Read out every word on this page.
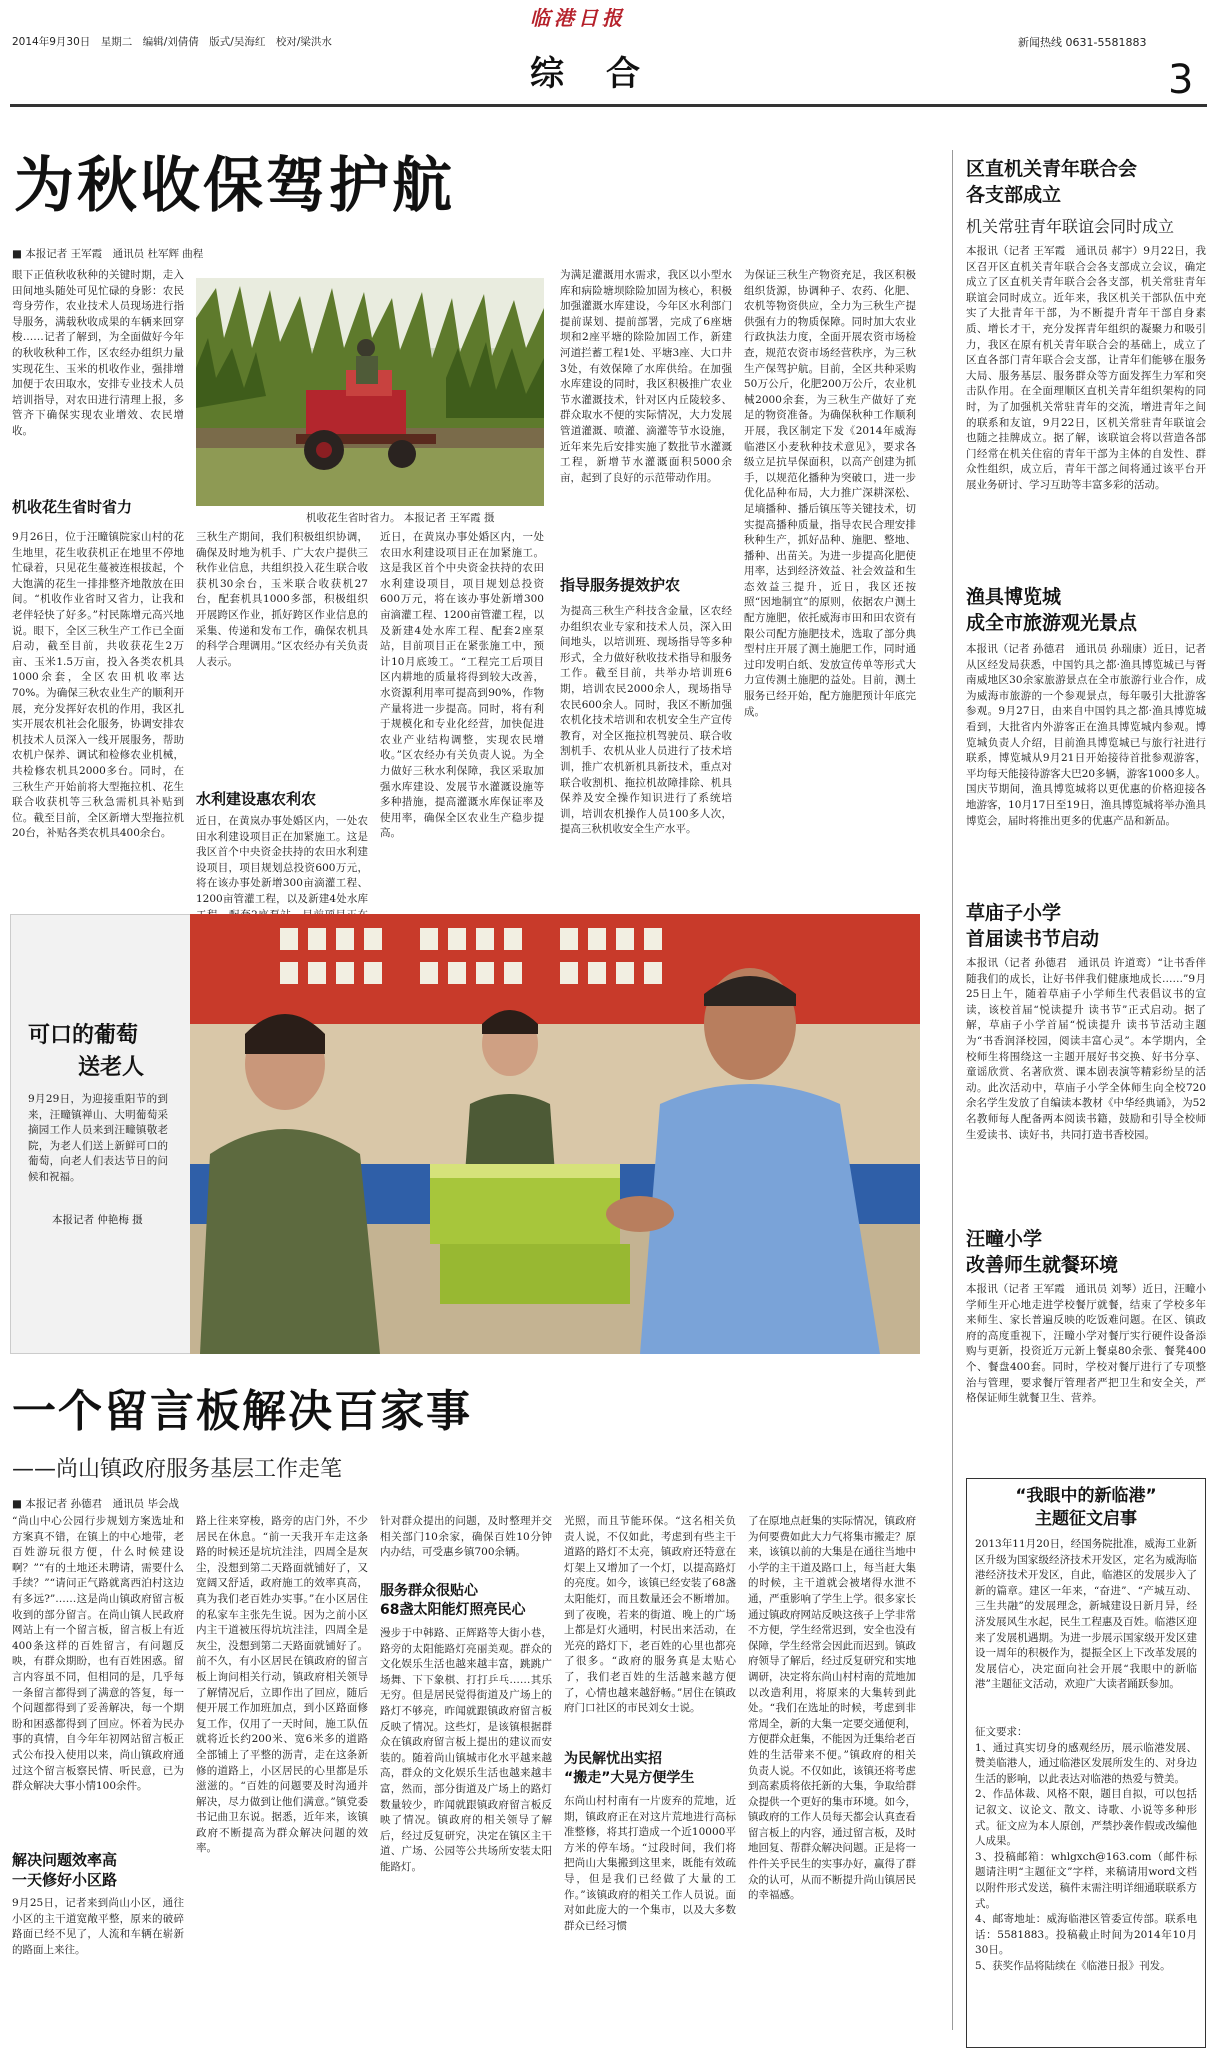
2014年9月30日　星期二　编辑/刘倩倩　版式/吴海红　校对/梁洪水
临港日报
综　合
新闻热线 0631-5581883
3
为秋收保驾护航
■ 本报记者 王军霞　通讯员 杜军辉 曲程
眼下正值秋收秋种的关键时期，走入田间地头随处可见忙碌的身影：农民弯身劳作，农业技术人员现场进行指导服务，满载秋收成果的车辆来回穿梭……记者了解到，为全面做好今年的秋收秋种工作，区农经办组织力量实现花生、玉米的机收作业，强排增加便于农田取水，安排专业技术人员培训指导，对农田进行清理上报，多管齐下确保实现农业增效、农民增收。
机收花生省时省力
9月26日，位于汪疃镇院家山村的花生地里，花生收获机正在地里不停地忙碌着，只见花生蔓被连根拔起，个大饱满的花生一排排整齐地散放在田间。“机收作业省时又省力，让我和老伴轻快了好多。”村民陈增元高兴地说。眼下，全区三秋生产工作已全面启动，截至目前，共收获花生2万亩、玉米1.5万亩，投入各类农机具1000余套，全区农田机收率达70%。为确保三秋农业生产的顺利开展，充分发挥好农机的作用，我区扎实开展农机社会化服务，协调安排农机技术人员深入一线开展服务，帮助农机户保养、调试和检修农业机械，共检修农机具2000多台。同时，在三秋生产开始前将大型拖拉机、花生联合收获机等三秋急需机具补贴到位。截至目前，全区新增大型拖拉机20台，补贴各类农机具400余台。
机收花生省时省力。 本报记者 王军霞 摄
三秋生产期间，我们积极组织协调，确保及时地为机手、广大农户提供三秋作业信息，共组织投入花生联合收获机30余台，玉米联合收获机27台，配套机具1000多部，积极组织开展跨区作业，抓好跨区作业信息的采集、传递和发布工作，确保农机具的科学合理调用。”区农经办有关负责人表示。
水利建设惠农利农
近日，在黄岚办事处婚区内，一处农田水利建设项目正在加紧施工。这是我区首个中央资金扶持的农田水利建设项目，项目规划总投资600万元，将在该办事处新增300亩滴灌工程、1200亩管灌工程，以及新建4处水库
近日，在黄岚办事处婚区内，一处农田水利建设项目正在加紧施工。这是我区首个中央资金扶持的农田水利建设项目，项目规划总投资600万元，将在该办事处新增300亩滴灌工程、1200亩管灌工程，以及新建4处水库工程、配套2座泵站，目前项目正在紧张施工中，预计10月底竣工。“工程完工后项目区内耕地的质量将得到较大改善，水资源利用率可提高到90%，作物产量将进一步提高。同时，将有利于规模化和专业化经营，加快促进农业产业结构调整，实现农民增收。”区农经办有关负责人说。为全力做好三秋水利保障，我区采取加强水库建设、发展节水灌溉设施等多种措施，提高灌溉水库保证率及使用率，确保全区农业生产稳步提高。
为满足灌溉用水需求，我区以小型水库和病险塘坝除险加固为核心，积极加强灌溉水库建设，今年区水利部门提前谋划、提前部署，完成了6座塘坝和2座平塘的除险加固工作，新建河道拦蓄工程1处、平塘3座、大口井3处，有效保障了水库供给。在加强水库建设的同时，我区积极推广农业节水灌溉技术，针对区内丘陵较多、群众取水不便的实际情况，大力发展管道灌溉、喷灌、滴灌等节水设施，近年来先后安排实施了数批节水灌溉工程，新增节水灌溉面积5000余亩，起到了良好的示范带动作用。
指导服务提效护农
为提高三秋生产科技含金量，区农经办组织农业专家和技术人员，深入田间地头，以培训班、现场指导等多种形式，全力做好秋收技术指导和服务工作。截至目前，共举办培训班6期，培训农民2000余人，现场指导农民600余人。同时，我区不断加强农机化技术培训和农机安全生产宣传教育，对全区拖拉机驾驶员、联合收割机手、农机从业人员进行了技术培训，推广农机新机具新技术，重点对联合收割机、拖拉机故障排除、机具保养及安全操作知识进行了系统培训，培训农机操作人员100多人次，提高三秋机收安全生产水平。
为保证三秋生产物资充足，我区积极组织货源，协调种子、农药、化肥、农机等物资供应，全力为三秋生产提供强有力的物质保障。同时加大农业行政执法力度，全面开展农资市场检查，规范农资市场经营秩序，为三秋生产保驾护航。目前，全区共种采购50万公斤，化肥200万公斤，农业机械2000余套，为三秋生产做好了充足的物资准备。为确保秋种工作顺利开展，我区制定下发《2014年威海临港区小麦秋种技术意见》，要求各级立足抗旱保面积，以高产创建为抓手，以规范化播种为突破口，进一步优化品种布局，大力推广深耕深松、足墒播种、播后镇压等关键技术，切实提高播种质量，指导农民合理安排秋种生产，抓好品种、施肥、整地、播种、出苗关。为进一步提高化肥使用率，达到经济效益、社会效益和生态效益三提升，近日，我区还按照“因地制宜”的原则，依据农户测土配方施肥，依托威海市田和田农资有限公司配方施肥技术，选取了部分典型村庄开展了测土施肥工作，同时通过印发明白纸、发放宣传单等形式大力宣传测土施肥的益处。目前，测土服务已经开始，配方施肥预计年底完成。
可口的葡萄
送老人
9月29日，为迎接重阳节的到来，汪疃镇禅山、大明葡萄采摘园工作人员来到汪疃镇敬老院，为老人们送上新鲜可口的葡萄，向老人们表达节日的问候和祝福。
本报记者 仲艳梅 摄
一个留言板解决百家事
——尚山镇政府服务基层工作走笔
■ 本报记者 孙德君　通讯员 毕会战
“尚山中心公园行步规划方案选址和方案真不错，在镇上的中心地带，老百姓游玩很方便，什么时候建设啊？”“有的土地还未聘请，需要什么手续？”“请问正气路就离西泊村这边有多远?”……这是尚山镇政府留言板收到的部分留言。在尚山镇人民政府网站上有一个留言板，留言板上有近400条这样的百姓留言，有问题反映，有群众期盼，也有百姓困惑。留言内容虽不同，但相同的是，几乎每一条留言都得到了满意的答复，每一个问题都得到了妥善解决，每一个期盼和困惑都得到了回应。怀着为民办事的真情，自今年年初网站留言板正式公布投入使用以来，尚山镇政府通过这个留言板察民情、听民意，已为群众解决大事小情100余件。
解决问题效率高
一天修好小区路
9月25日，记者来到尚山小区，通往小区的主干道宽敞平整，原来的破碎路面已经不见了，人流和车辆在崭新的路面上来往。
路上往来穿梭，路旁的店门外，不少居民在休息。“前一天我开车走这条路的时候还是坑坑洼洼，四周全是灰尘，没想到第二天路面就铺好了，又宽阔又舒适，政府施工的效率真高，真为我们老百姓办实事。”在小区居住的私家车主张先生说。因为之前小区内主干道被压得坑坑洼洼，四周全是灰尘，没想到第二天路面就铺好了。前不久，有小区居民在镇政府的留言板上询问相关行动，镇政府相关领导了解情况后，立即作出了回应，随后便开展工作加班加点，到小区路面修复工作，仅用了一天时间，施工队伍就将近长约200米、宽6米多的道路全部铺上了平整的沥青，走在这条新修的道路上，小区居民的心里都是乐滋滋的。“百姓的问题要及时沟通并解决，尽力做到让他们满意。”镇党委书记曲卫东说。据悉，近年来，该镇政府不断提高为群众解决问题的效率。
针对群众提出的问题，及时整理并交相关部门10余家，确保百姓10分钟内办结，可受惠乡镇700余辆。
服务群众很贴心
68盏太阳能灯照亮民心
漫步于中韩路、正辉路等大街小巷，路旁的太阳能路灯亮丽美观。群众的文化娱乐生活也越来越丰富，跳跳广场舞、下下象棋、打打乒乓……其乐无穷。但是居民觉得街道及广场上的路灯不够亮，昨闻就跟镇政府留言板反映了情况。这些灯，是该镇根据群众在镇政府留言板上提出的建议而安装的。随着尚山镇城市化水平越来越高，群众的文化娱乐生活也越来越丰富，然而，部分街道及广场上的路灯数量较少，昨闻就跟镇政府留言板反映了情况。镇政府的相关领导了解后，经过反复研究，决定在镇区主干道、广场、公园等公共场所安装太阳能路灯。
光照，而且节能环保。“这名相关负责人说，不仅如此，考虑到有些主干道路的路灯不太亮，镇政府还特意在灯架上又增加了一个灯，以提高路灯的亮度。如今，该镇已经安装了68盏太阳能灯，而且数量还会不断增加。到了夜晚，若来的街道、晚上的广场上都是灯火通明，村民出来活动，在光亮的路灯下，老百姓的心里也都亮了很多。“政府的服务真是太贴心了，我们老百姓的生活越来越方便了，心情也越来越舒畅。”居住在镇政府门口社区的市民刘女士说。
为民解忧出实招
“搬走”大晃方便学生
东尚山村村南有一片废弃的荒地，近期，镇政府正在对这片荒地进行高标准整修，将其打造成一个近10000平方米的停车场。“过段时间，我们将把尚山大集搬到这里来，既能有效疏导，但是我们已经做了大量的工作。”该镇政府的相关工作人员说。面对如此庞大的一个集市，以及大多数群众已经习惯
了在原地点赶集的实际情况，镇政府为何要费如此大力气将集市搬走？原来，该镇以前的大集是在通往当地中小学的主干道及路口上，每当赶大集的时候，主干道就会被堵得水泄不通，严重影响了学生上学。很多家长通过镇政府网站反映这孩子上学非常不方便，学生经常迟到，安全也没有保障，学生经常会因此而迟到。镇政府领导了解后，经过反复研究和实地调研，决定将东尚山村村南的荒地加以改造利用，将原来的大集转到此处。“我们在选址的时候，考虑到非常周全，新的大集一定要交通便利，方便群众赶集，不能因为迁集给老百姓的生活带来不便。”镇政府的相关负责人说。不仅如此，该镇还将考虑到高素质将依托新的大集，争取给群众提供一个更好的集市环境。如今，镇政府的工作人员每天都会认真查看留言板上的内容，通过留言板，及时地回复、帮群众解决问题。正是将一件件关乎民生的实事办好，赢得了群众的认可，从而不断提升尚山镇居民的幸福感。
区直机关青年联合会
各支部成立
机关常驻青年联谊会同时成立
本报讯（记者 王军霞　通讯员 郝宇）9月22日，我区召开区直机关青年联合会各支部成立会议，确定成立了区直机关青年联合会各支部，机关常驻青年联谊会同时成立。近年来，我区机关干部队伍中充实了大批青年干部，为不断提升青年干部自身素质、增长才干，充分发挥青年组织的凝聚力和吸引力，我区在原有机关青年联合会的基础上，成立了区直各部门青年联合会支部，让青年们能够在服务大局、服务基层、服务群众等方面发挥生力军和突击队作用。在全面理顺区直机关青年组织架构的同时，为了加强机关常驻青年的交流，增进青年之间的联系和友谊，9月22日，区机关常驻青年联谊会也随之挂牌成立。据了解，该联谊会将以营造各部门经常在机关住宿的青年干部为主体的自发性、群众性组织，成立后，青年干部之间将通过该平台开展业务研讨、学习互助等丰富多彩的活动。
渔具博览城
成全市旅游观光景点
本报讯（记者 孙德君　通讯员 孙瑞康）近日，记者从区经发局获悉，中国钓具之都·渔具博览城已与胥南威地区30余家旅游景点在全市旅游行业合作，成为威海市旅游的一个参观景点，每年吸引大批游客参观。9月27日，由来自中国钓具之都·渔具博览城看到，大批省内外游客正在渔具博览城内参观。博览城负责人介绍，目前渔具博览城已与旅行社进行联系，博览城从9月21日开始接待首批参观游客，平均每天能接待游客大巴20多辆，游客1000多人。国庆节期间，渔具博览城将以更优惠的价格迎接各地游客，10月17日至19日，渔具博览城将举办渔具博览会，届时将推出更多的优惠产品和新品。
草庙子小学
首届读书节启动
本报讯（记者 孙德君　通讯员 许道鸾）“让书香伴随我们的成长，让好书伴我们健康地成长……”9月25日上午，随着草庙子小学师生代表倡议书的宣读，该校首届“悦读提升 读书节”正式启动。据了解，草庙子小学首届“悦读提升 读书节活动主题为“书香润泽校园，阅读丰富心灵”。本学期内，全校师生将围绕这一主题开展好书交换、好书分享、童谣欣赏、名著欣赏、课本剧表演等精彩纷呈的活动。此次活动中，草庙子小学全体师生向全校720余名学生发放了自编读本教材《中华经典诵》，为52名教师每人配备两本阅读书籍，鼓励和引导全校师生爱读书、读好书，共同打造书香校园。
汪疃小学
改善师生就餐环境
本报讯（记者 王军霞　通讯员 刘琴）近日，汪疃小学师生开心地走进学校餐厅就餐，结束了学校多年来师生、家长普遍反映的吃饭难问题。在区、镇政府的高度重视下，汪疃小学对餐厅实行硬件设备添购与更新，投资近万元新上餐桌80余张、餐凳400个、餐盘400套。同时，学校对餐厅进行了专项整治与管理，要求餐厅管理者严把卫生和安全关，严格保证师生就餐卫生、营养。
“我眼中的新临港”
主题征文启事
2013年11月20日，经国务院批准，威海工业新区升级为国家级经济技术开发区，定名为威海临港经济技术开发区，自此，临港区的发展步入了新的篇章。建区一年来，“奋进”、“产城互动、三生共融”的发展理念，新城建设日新月异，经济发展风生水起，民生工程惠及百姓。临港区迎来了发展机遇期。为进一步展示国家级开发区建设一周年的积极作为，提振全区上下改革发展的发展信心，决定面向社会开展“我眼中的新临港”主题征文活动，欢迎广大读者踊跃参加。
征文要求：
1、通过真实切身的感观经历，展示临港发展、赞美临港人，通过临港区发展所发生的、对身边生活的影响，以此表达对临港的热爱与赞美。
2、作品体裁、风格不限，题目自拟，可以包括记叙文、议论文、散文、诗歌、小说等多种形式。征文应为本人原创，严禁抄袭作假或改编他人成果。
3、投稿邮箱：whlgxch@163.com（邮件标题请注明“主题征文”字样，来稿请用word文档以附件形式发送，稿件末需注明详细通联联系方式。
4、邮寄地址：威海临港区管委宣传部。联系电话：5581883。投稿截止时间为2014年10月30日。
5、获奖作品将陆续在《临港日报》刊发。
